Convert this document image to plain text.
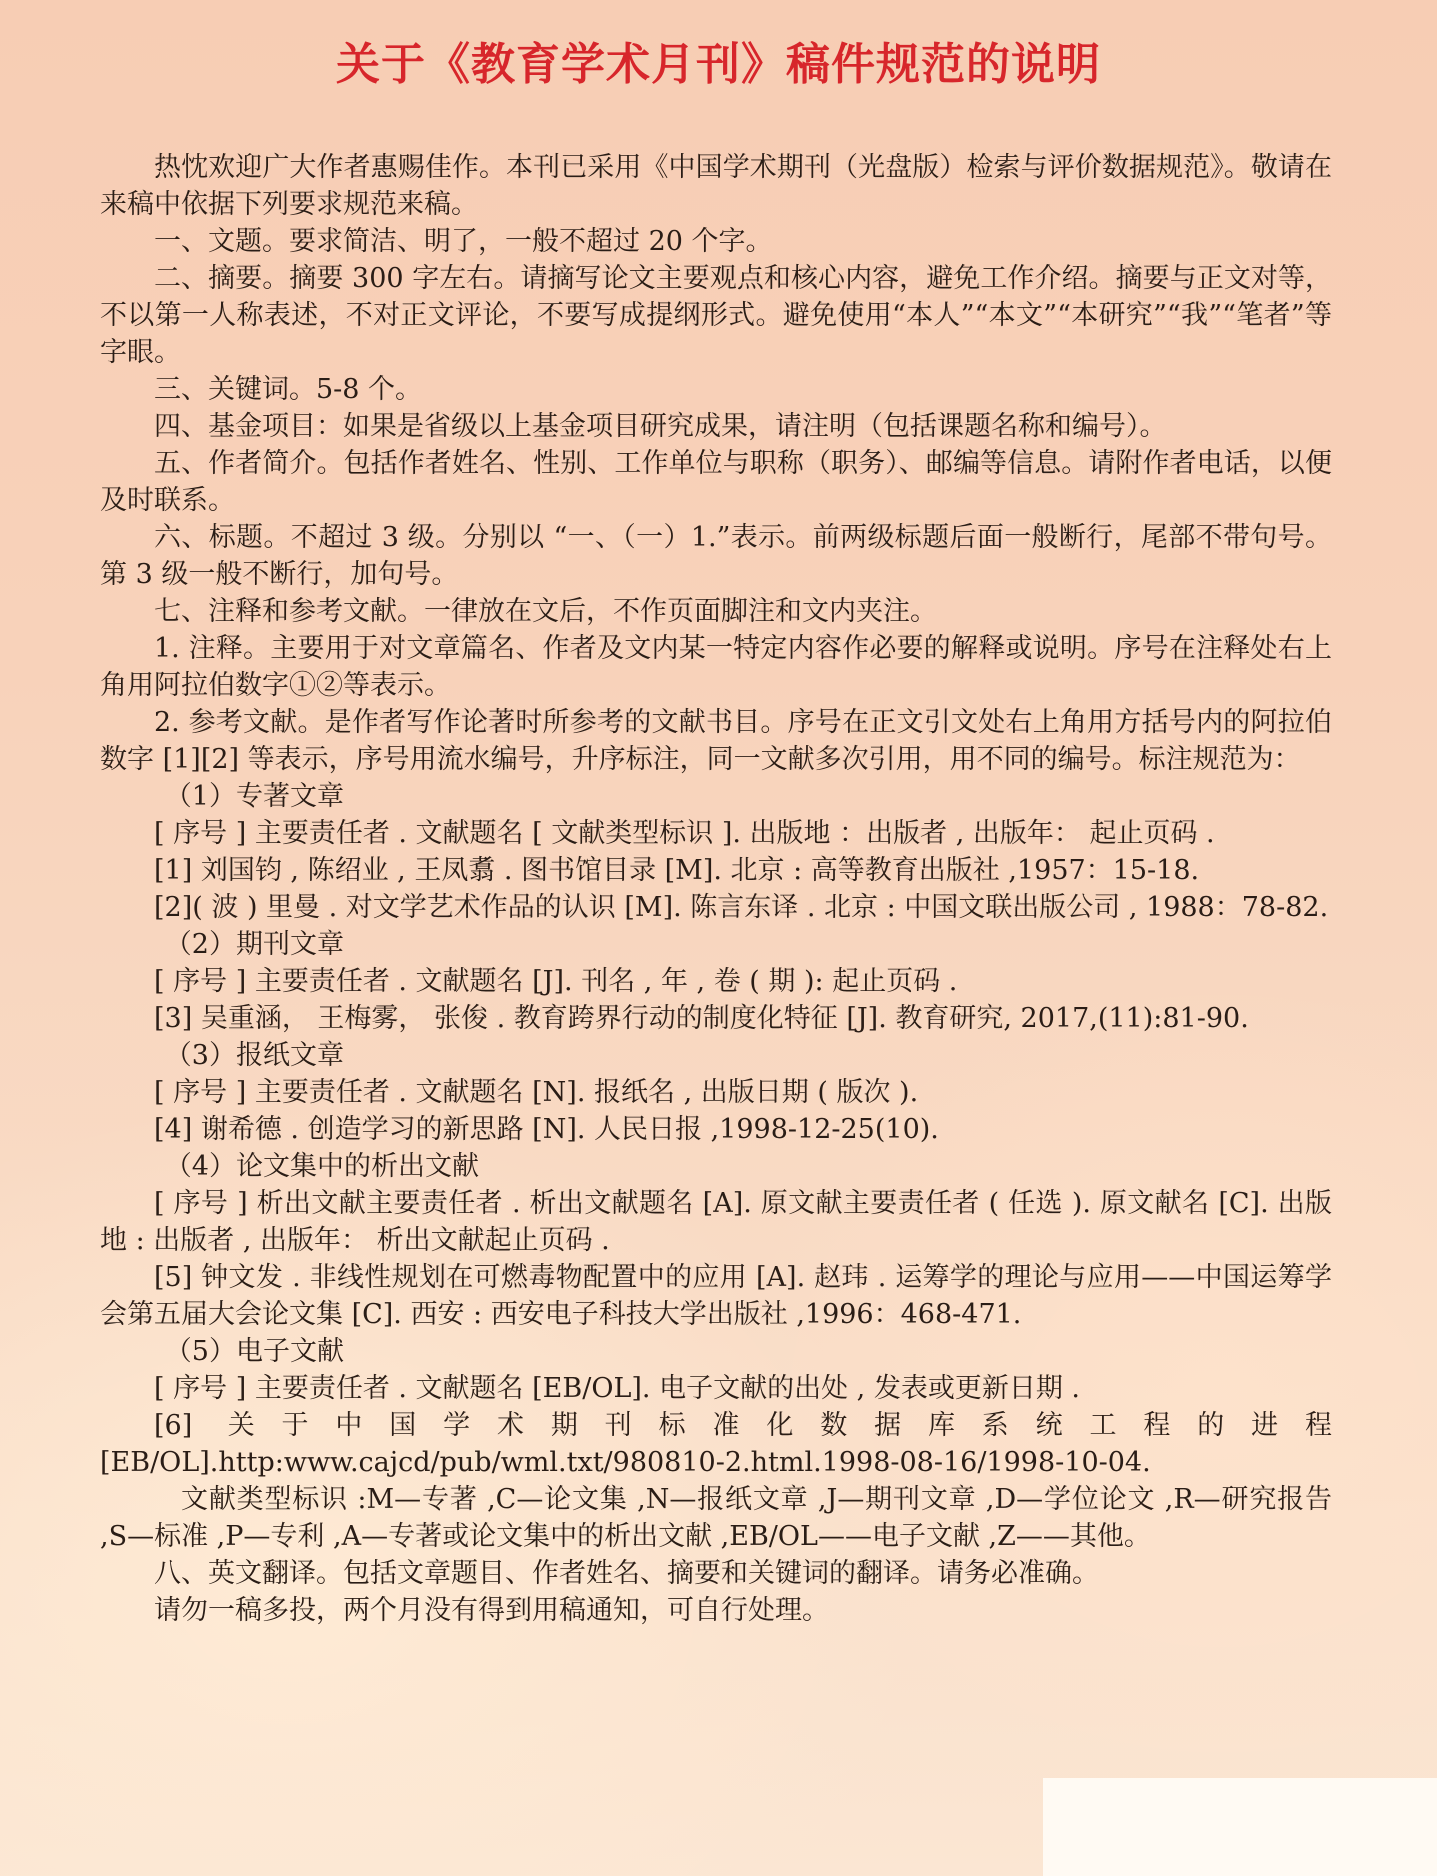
关于《教育学术月刊》稿件规范的说明

热忱欢迎广大作者惠赐佳作。本刊已采用《中国学术期刊（光盘版）检索与评价数据规范》。敬请在来稿中依据下列要求规范来稿。

一、文题。要求简洁、明了，一般不超过 20 个字。

二、摘要。摘要 300 字左右。请摘写论文主要观点和核心内容，避免工作介绍。摘要与正文对等，不以第一人称表述，不对正文评论，不要写成提纲形式。避免使用“本人”“本文”“本研究”“我”“笔者”等字眼。

三、关键词。5-8 个。

四、基金项目：如果是省级以上基金项目研究成果，请注明（包括课题名称和编号）。

五、作者简介。包括作者姓名、性别、工作单位与职称（职务）、邮编等信息。请附作者电话，以便及时联系。

六、标题。不超过 3 级。分别以 “一、（一）1.”表示。前两级标题后面一般断行，尾部不带句号。第 3 级一般不断行，加句号。

七、注释和参考文献。一律放在文后，不作页面脚注和文内夹注。

1. 注释。主要用于对文章篇名、作者及文内某一特定内容作必要的解释或说明。序号在注释处右上角用阿拉伯数字①②等表示。

2. 参考文献。是作者写作论著时所参考的文献书目。序号在正文引文处右上角用方括号内的阿拉伯数字 [1][2] 等表示，序号用流水编号，升序标注，同一文献多次引用，用不同的编号。标注规范为：

（1）专著文章

[ 序号 ] 主要责任者 . 文献题名 [ 文献类型标识 ]. 出版地 ：出版者 , 出版年： 起止页码 .

[1] 刘国钧 , 陈绍业 , 王凤翥 . 图书馆目录 [M]. 北京 : 高等教育出版社 ,1957：15-18.

[2]( 波 ) 里曼 . 对文学艺术作品的认识 [M]. 陈言东译 . 北京 : 中国文联出版公司 , 1988：78-82.

（2）期刊文章

[ 序号 ] 主要责任者 . 文献题名 [J]. 刊名 , 年 , 卷 ( 期 ): 起止页码 .

[3] 吴重涵， 王梅雾， 张俊 . 教育跨界行动的制度化特征 [J]. 教育研究, 2017,(11):81-90.

（3）报纸文章

[ 序号 ] 主要责任者 . 文献题名 [N]. 报纸名 , 出版日期 ( 版次 ).

[4] 谢希德 . 创造学习的新思路 [N]. 人民日报 ,1998-12-25(10).

（4）论文集中的析出文献

[ 序号 ] 析出文献主要责任者 . 析出文献题名 [A]. 原文献主要责任者 ( 任选 ). 原文献名 [C]. 出版地 : 出版者 , 出版年： 析出文献起止页码 .

[5] 钟文发 . 非线性规划在可燃毒物配置中的应用 [A]. 赵玮 . 运筹学的理论与应用——中国运筹学会第五届大会论文集 [C]. 西安 : 西安电子科技大学出版社 ,1996：468-471.

（5）电子文献

[ 序号 ] 主要责任者 . 文献题名 [EB/OL]. 电子文献的出处 , 发表或更新日期 .

[6] 关于中国学术期刊标准化数据库系统工程的进程 [EB/OL].http:www.cajcd/pub/wml.txt/980810-2.html.1998-08-16/1998-10-04.

文献类型标识 :M—专著 ,C—论文集 ,N—报纸文章 ,J—期刊文章 ,D—学位论文 ,R—研究报告 ,S—标准 ,P—专利 ,A—专著或论文集中的析出文献 ,EB/OL——电子文献 ,Z——其他。

八、英文翻译。包括文章题目、作者姓名、摘要和关键词的翻译。请务必准确。

请勿一稿多投，两个月没有得到用稿通知，可自行处理。
